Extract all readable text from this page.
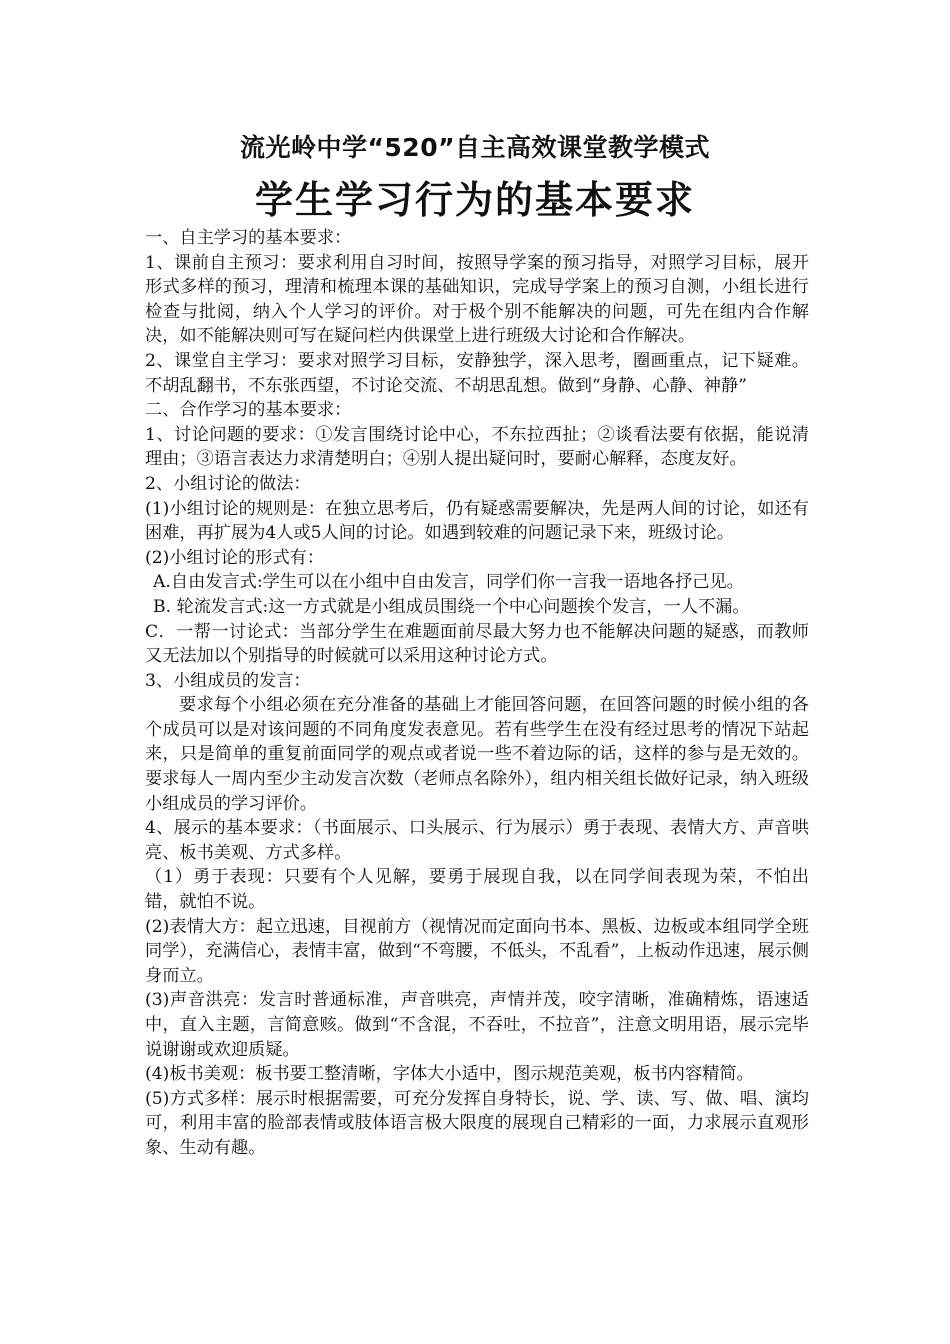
流光岭中学“520”自主高效课堂教学模式
学生学习行为的基本要求

一、自主学习的基本要求：

1、课前自主预习：要求利用自习时间，按照导学案的预习指导，对照学习目标，展开形式多样的预习，理清和梳理本课的基础知识，完成导学案上的预习自测，小组长进行检查与批阅，纳入个人学习的评价。对于极个别不能解决的问题，可先在组内合作解决，如不能解决则可写在疑问栏内供课堂上进行班级大讨论和合作解决。

2、课堂自主学习：要求对照学习目标，安静独学，深入思考，圈画重点，记下疑难。不胡乱翻书，不东张西望，不讨论交流、不胡思乱想。做到“身静、心静、神静”

二、合作学习的基本要求：

1、讨论问题的要求：①发言围绕讨论中心，不东拉西扯；②谈看法要有依据，能说清理由；③语言表达力求清楚明白；④别人提出疑问时，要耐心解释，态度友好。

2、小组讨论的做法：

(1)小组讨论的规则是：在独立思考后，仍有疑惑需要解决，先是两人间的讨论，如还有困难，再扩展为4人或5人间的讨论。如遇到较难的问题记录下来，班级讨论。

(2)小组讨论的形式有：

A.自由发言式:学生可以在小组中自由发言，同学们你一言我一语地各抒己见。

B. 轮流发言式:这一方式就是小组成员围绕一个中心问题挨个发言，一人不漏。

C．一帮一讨论式：当部分学生在难题面前尽最大努力也不能解决问题的疑惑，而教师又无法加以个别指导的时候就可以采用这种讨论方式。

3、小组成员的发言：

要求每个小组必须在充分准备的基础上才能回答问题，在回答问题的时候小组的各个成员可以是对该问题的不同角度发表意见。若有些学生在没有经过思考的情况下站起来，只是简单的重复前面同学的观点或者说一些不着边际的话，这样的参与是无效的。要求每人一周内至少主动发言次数（老师点名除外），组内相关组长做好记录，纳入班级小组成员的学习评价。

4、展示的基本要求：（书面展示、口头展示、行为展示）勇于表现、表情大方、声音哄亮、板书美观、方式多样。

（1）勇于表现：只要有个人见解，要勇于展现自我，以在同学间表现为荣，不怕出错，就怕不说。

(2)表情大方：起立迅速，目视前方（视情况而定面向书本、黑板、边板或本组同学全班同学），充满信心，表情丰富，做到“不弯腰，不低头，不乱看”，上板动作迅速，展示侧身而立。

(3)声音洪亮：发言时普通标准，声音哄亮，声情并茂，咬字清晰，准确精炼，语速适中，直入主题，言简意赅。做到“不含混，不吞吐，不拉音”，注意文明用语，展示完毕说谢谢或欢迎质疑。

(4)板书美观：板书要工整清晰，字体大小适中，图示规范美观，板书内容精简。

(5)方式多样：展示时根据需要，可充分发挥自身特长，说、学、读、写、做、唱、演均可，利用丰富的脸部表情或肢体语言极大限度的展现自己精彩的一面，力求展示直观形象、生动有趣。
